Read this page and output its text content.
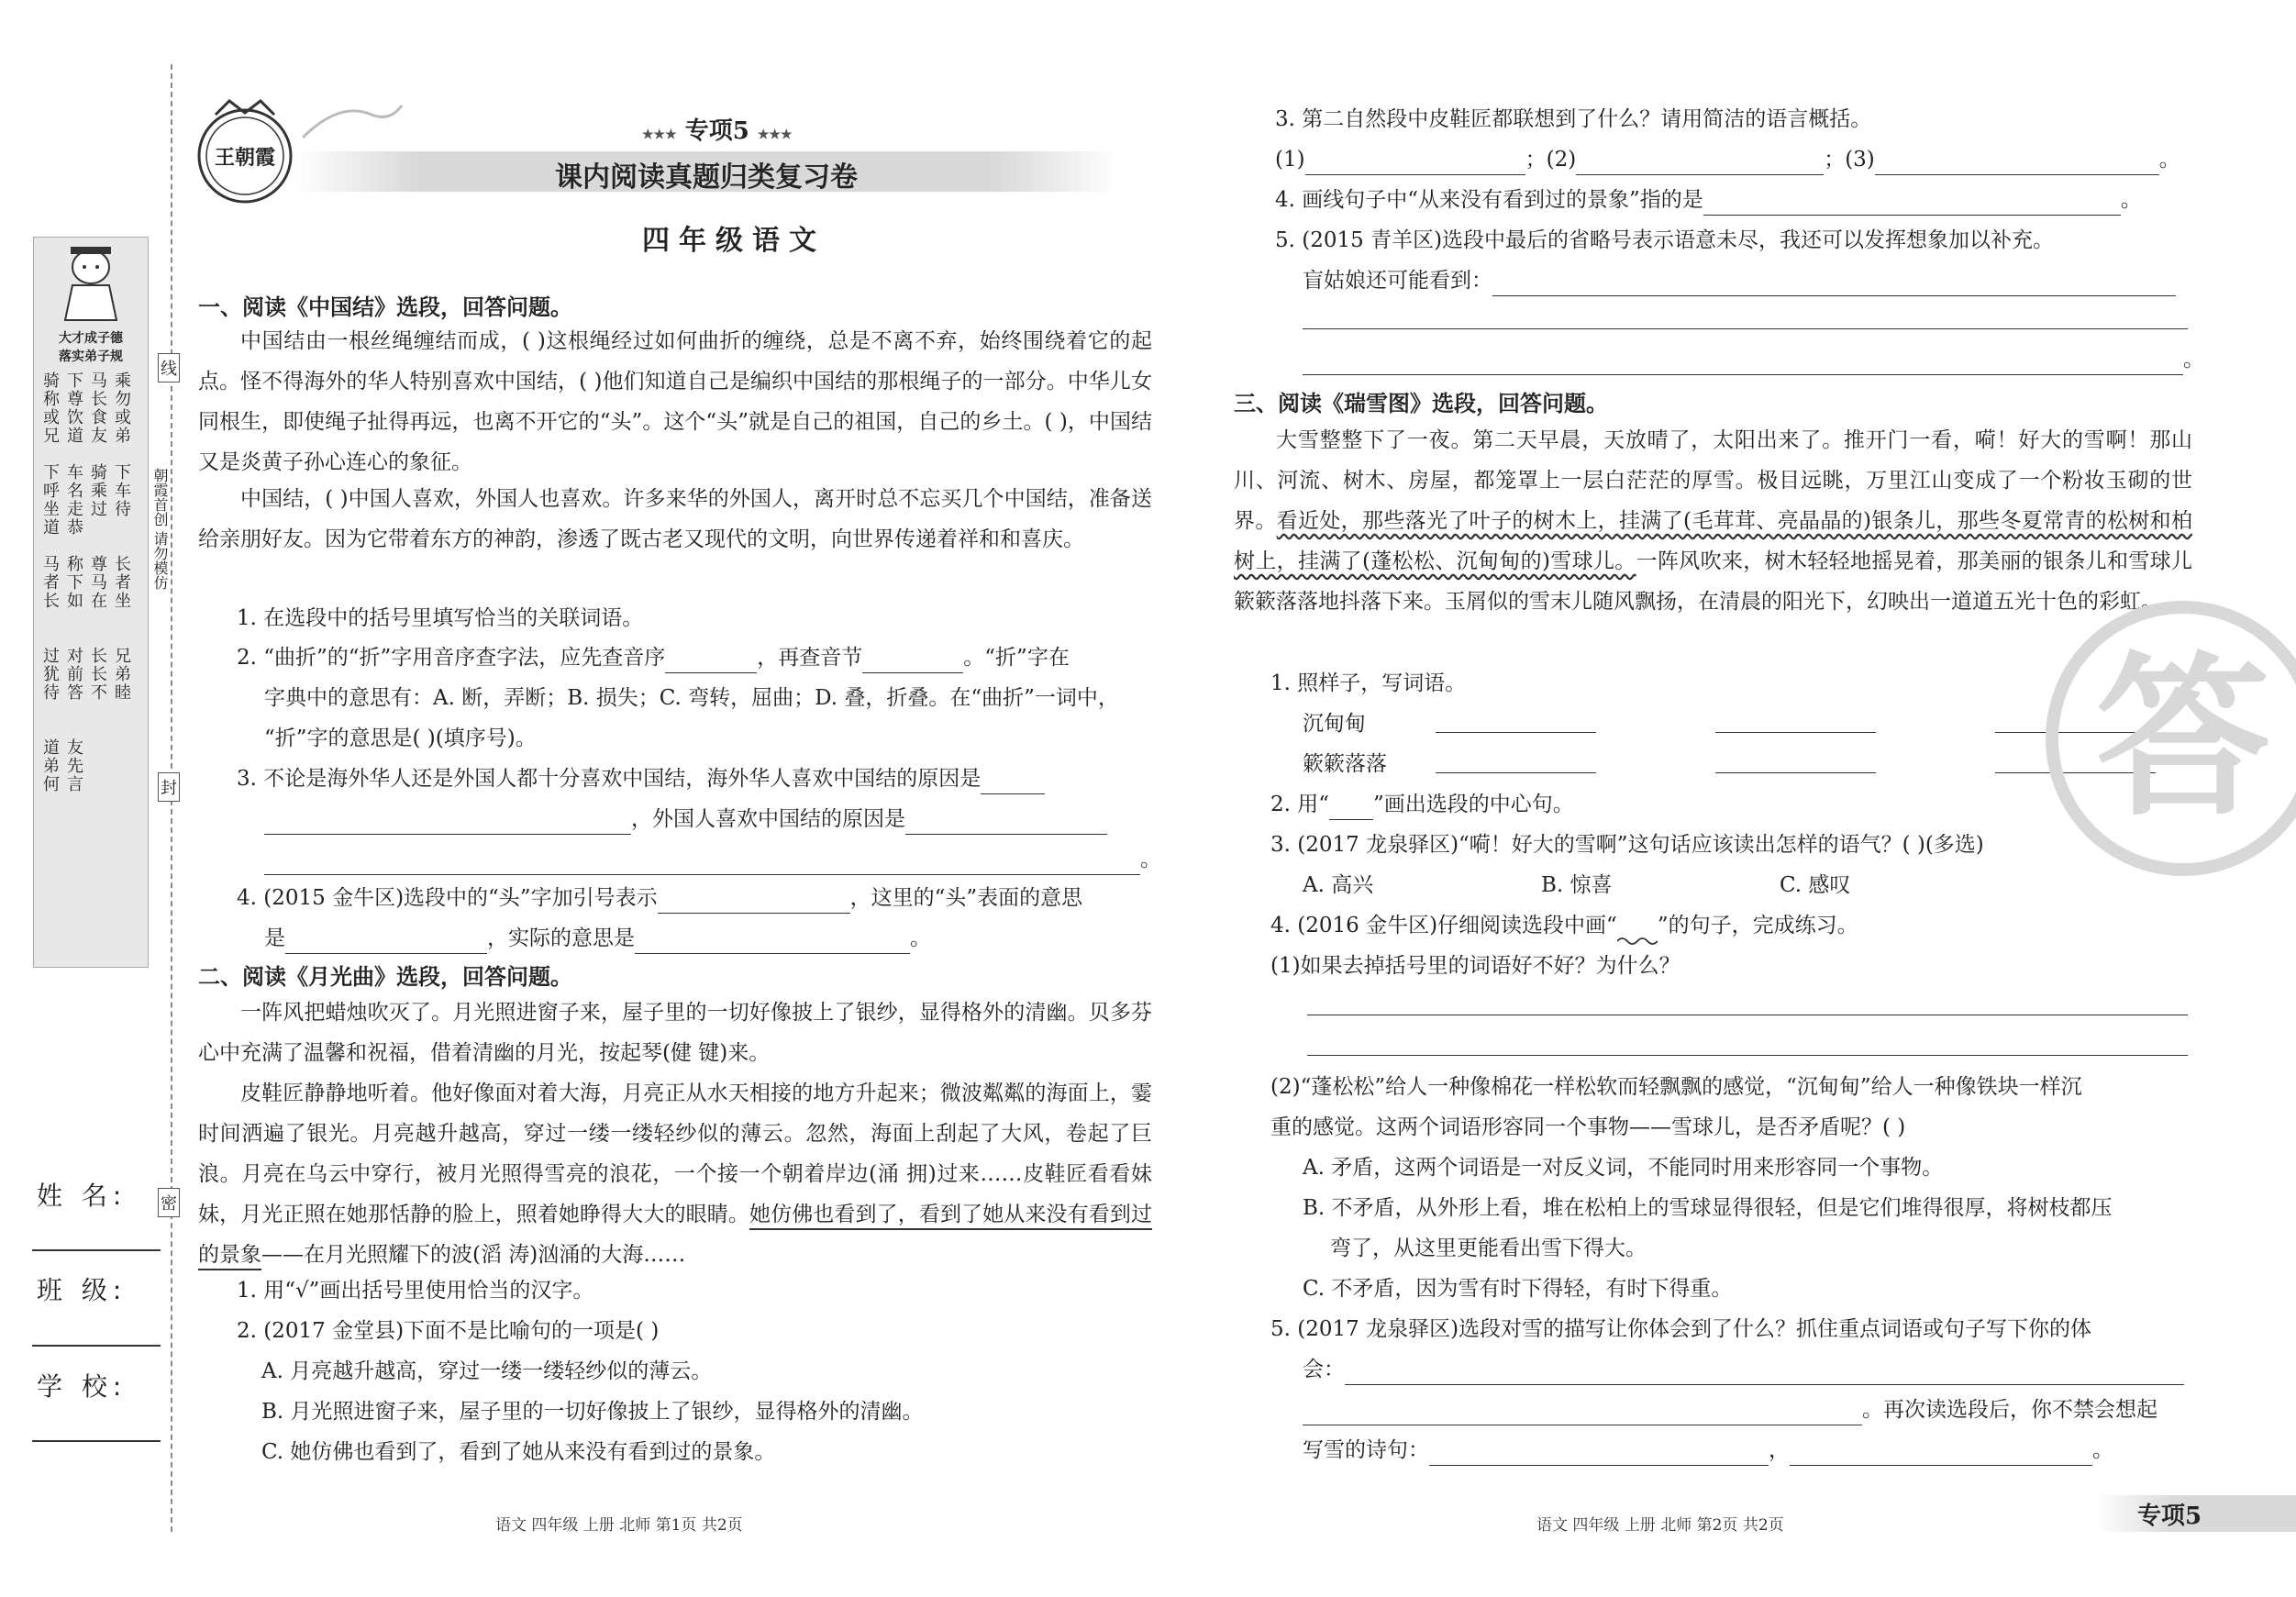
大才成子德
落实弟子规
骑称或兄
下尊饮道
马长食友
乘勿或弟
下呼坐道
车名走恭
骑乘过
下车待
马者长
称下如
尊马在
长者坐
过犹待
对前答
长长不
兄弟睦
道弟何
友先言
朝霞首创 请勿模仿
线
封
密
姓 名:
班 级:
学 校:
王朝霞
★★★ 专项5 ★★★
课内阅读真题归类复习卷
四年级语文
一、阅读《中国结》选段，回答问题。
中国结由一根丝绳缠结而成，( )这根绳经过如何曲折的缠绕，总是不离不弃，始终围绕着它的起点。怪不得海外的华人特别喜欢中国结，( )他们知道自己是编织中国结的那根绳子的一部分。中华儿女同根生，即使绳子扯得再远，也离不开它的“头”。这个“头”就是自己的祖国，自己的乡土。( )，中国结又是炎黄子孙心连心的象征。
中国结，( )中国人喜欢，外国人也喜欢。许多来华的外国人，离开时总不忘买几个中国结，准备送给亲朋好友。因为它带着东方的神韵，渗透了既古老又现代的文明，向世界传递着祥和和喜庆。
1. 在选段中的括号里填写恰当的关联词语。
2. “曲折”的“折”字用音序查字法，应先查音序	，再查音节	。“折”字在
字典中的意思有：A. 断，弄断；B. 损失；C. 弯转，屈曲；D. 叠，折叠。在“曲折”一词中，
“折”字的意思是( )(填序号)。
3. 不论是海外华人还是外国人都十分喜欢中国结，海外华人喜欢中国结的原因是
，外国人喜欢中国结的原因是
。
4. (2015 金牛区)选段中的“头”字加引号表示	，这里的“头”表面的意思
是	，实际的意思是	。
二、阅读《月光曲》选段，回答问题。
一阵风把蜡烛吹灭了。月光照进窗子来，屋子里的一切好像披上了银纱，显得格外的清幽。贝多芬心中充满了温馨和祝福，借着清幽的月光，按起琴(健 键)来。
皮鞋匠静静地听着。他好像面对着大海，月亮正从水天相接的地方升起来；微波粼粼的海面上，霎时间洒遍了银光。月亮越升越高，穿过一缕一缕轻纱似的薄云。忽然，海面上刮起了大风，卷起了巨浪。月亮在乌云中穿行，被月光照得雪亮的浪花，一个接一个朝着岸边(涌 拥)过来……皮鞋匠看看妹妹，月光正照在她那恬静的脸上，照着她睁得大大的眼睛。她仿佛也看到了，看到了她从来没有看到过的景象——在月光照耀下的波(滔 涛)汹涌的大海……
1. 用“√”画出括号里使用恰当的汉字。
2. (2017 金堂县)下面不是比喻句的一项是( )
A. 月亮越升越高，穿过一缕一缕轻纱似的薄云。
B. 月光照进窗子来，屋子里的一切好像披上了银纱，显得格外的清幽。
C. 她仿佛也看到了，看到了她从来没有看到过的景象。
3. 第二自然段中皮鞋匠都联想到了什么？请用简洁的语言概括。
(1)	；(2)	；(3)	。
4. 画线句子中“从来没有看到过的景象”指的是	。
5. (2015 青羊区)选段中最后的省略号表示语意未尽，我还可以发挥想象加以补充。
盲姑娘还可能看到：
。
三、阅读《瑞雪图》选段，回答问题。
大雪整整下了一夜。第二天早晨，天放晴了，太阳出来了。推开门一看，嗬！好大的雪啊！那山川、河流、树木、房屋，都笼罩上一层白茫茫的厚雪。极目远眺，万里江山变成了一个粉妆玉砌的世界。看近处，那些落光了叶子的树木上，挂满了(毛茸茸、亮晶晶的)银条儿，那些冬夏常青的松树和柏树上，挂满了(蓬松松、沉甸甸的)雪球儿。一阵风吹来，树木轻轻地摇晃着，那美丽的银条儿和雪球儿簌簌落落地抖落下来。玉屑似的雪末儿随风飘扬，在清晨的阳光下，幻映出一道道五光十色的彩虹。
1. 照样子，写词语。
沉甸甸
簌簌落落
2. 用“ ”画出选段的中心句。
3. (2017 龙泉驿区)“嗬！好大的雪啊”这句话应该读出怎样的语气？( )(多选)
A. 高兴	B. 惊喜	C. 感叹
4. (2016 金牛区)仔细阅读选段中画“ ”的句子，完成练习。
(1)如果去掉括号里的词语好不好？为什么？
(2)“蓬松松”给人一种像棉花一样松软而轻飘飘的感觉，“沉甸甸”给人一种像铁块一样沉
重的感觉。这两个词语形容同一个事物——雪球儿，是否矛盾呢？( )
A. 矛盾，这两个词语是一对反义词，不能同时用来形容同一个事物。
B. 不矛盾，从外形上看，堆在松柏上的雪球显得很轻，但是它们堆得很厚，将树枝都压
弯了，从这里更能看出雪下得大。
C. 不矛盾，因为雪有时下得轻，有时下得重。
5. (2017 龙泉驿区)选段对雪的描写让你体会到了什么？抓住重点词语或句子写下你的体
会：
。再次读选段后，你不禁会想起
写雪的诗句：	，	。
答
语文 四年级 上册 北师 第1页 共2页	语文 四年级 上册 北师 第2页 共2页	专项5
